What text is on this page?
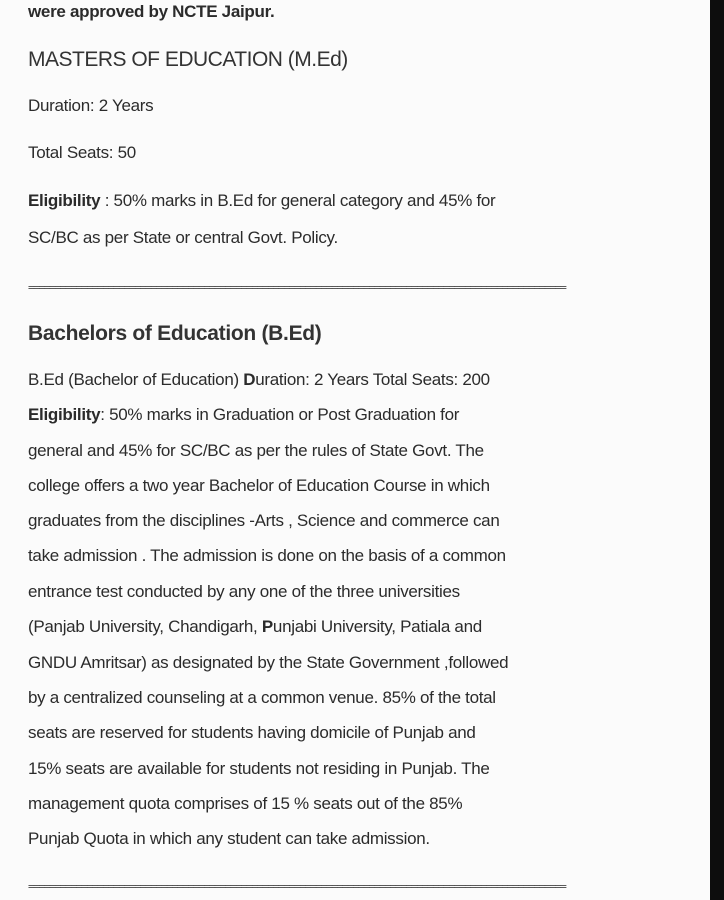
were approved by NCTE Jaipur.
MASTERS OF EDUCATION (M.Ed)
Duration: 2 Years
Total Seats: 50
Eligibility : 50% marks in B.Ed for general category and 45% for
SC/BC as per State or central Govt. Policy.
=====================================================================================================
Bachelors of Education (B.Ed)
B.Ed (Bachelor of Education) Duration: 2 Years Total Seats: 200
Eligibility: 50% marks in Graduation or Post Graduation for
general and 45% for SC/BC as per the rules of State Govt. The
college offers a two year Bachelor of Education Course in which
graduates from the disciplines -Arts , Science and commerce can
take admission . The admission is done on the basis of a common
entrance test conducted by any one of the three universities
(Panjab University, Chandigarh, Punjabi University, Patiala and
GNDU Amritsar) as designated by the State Government ,followed
by a centralized counseling at a common venue. 85% of the total
seats are reserved for students having domicile of Punjab and
15% seats are available for students not residing in Punjab. The
management quota comprises of 15 % seats out of the 85%
Punjab Quota in which any student can take admission.
=====================================================================================================
